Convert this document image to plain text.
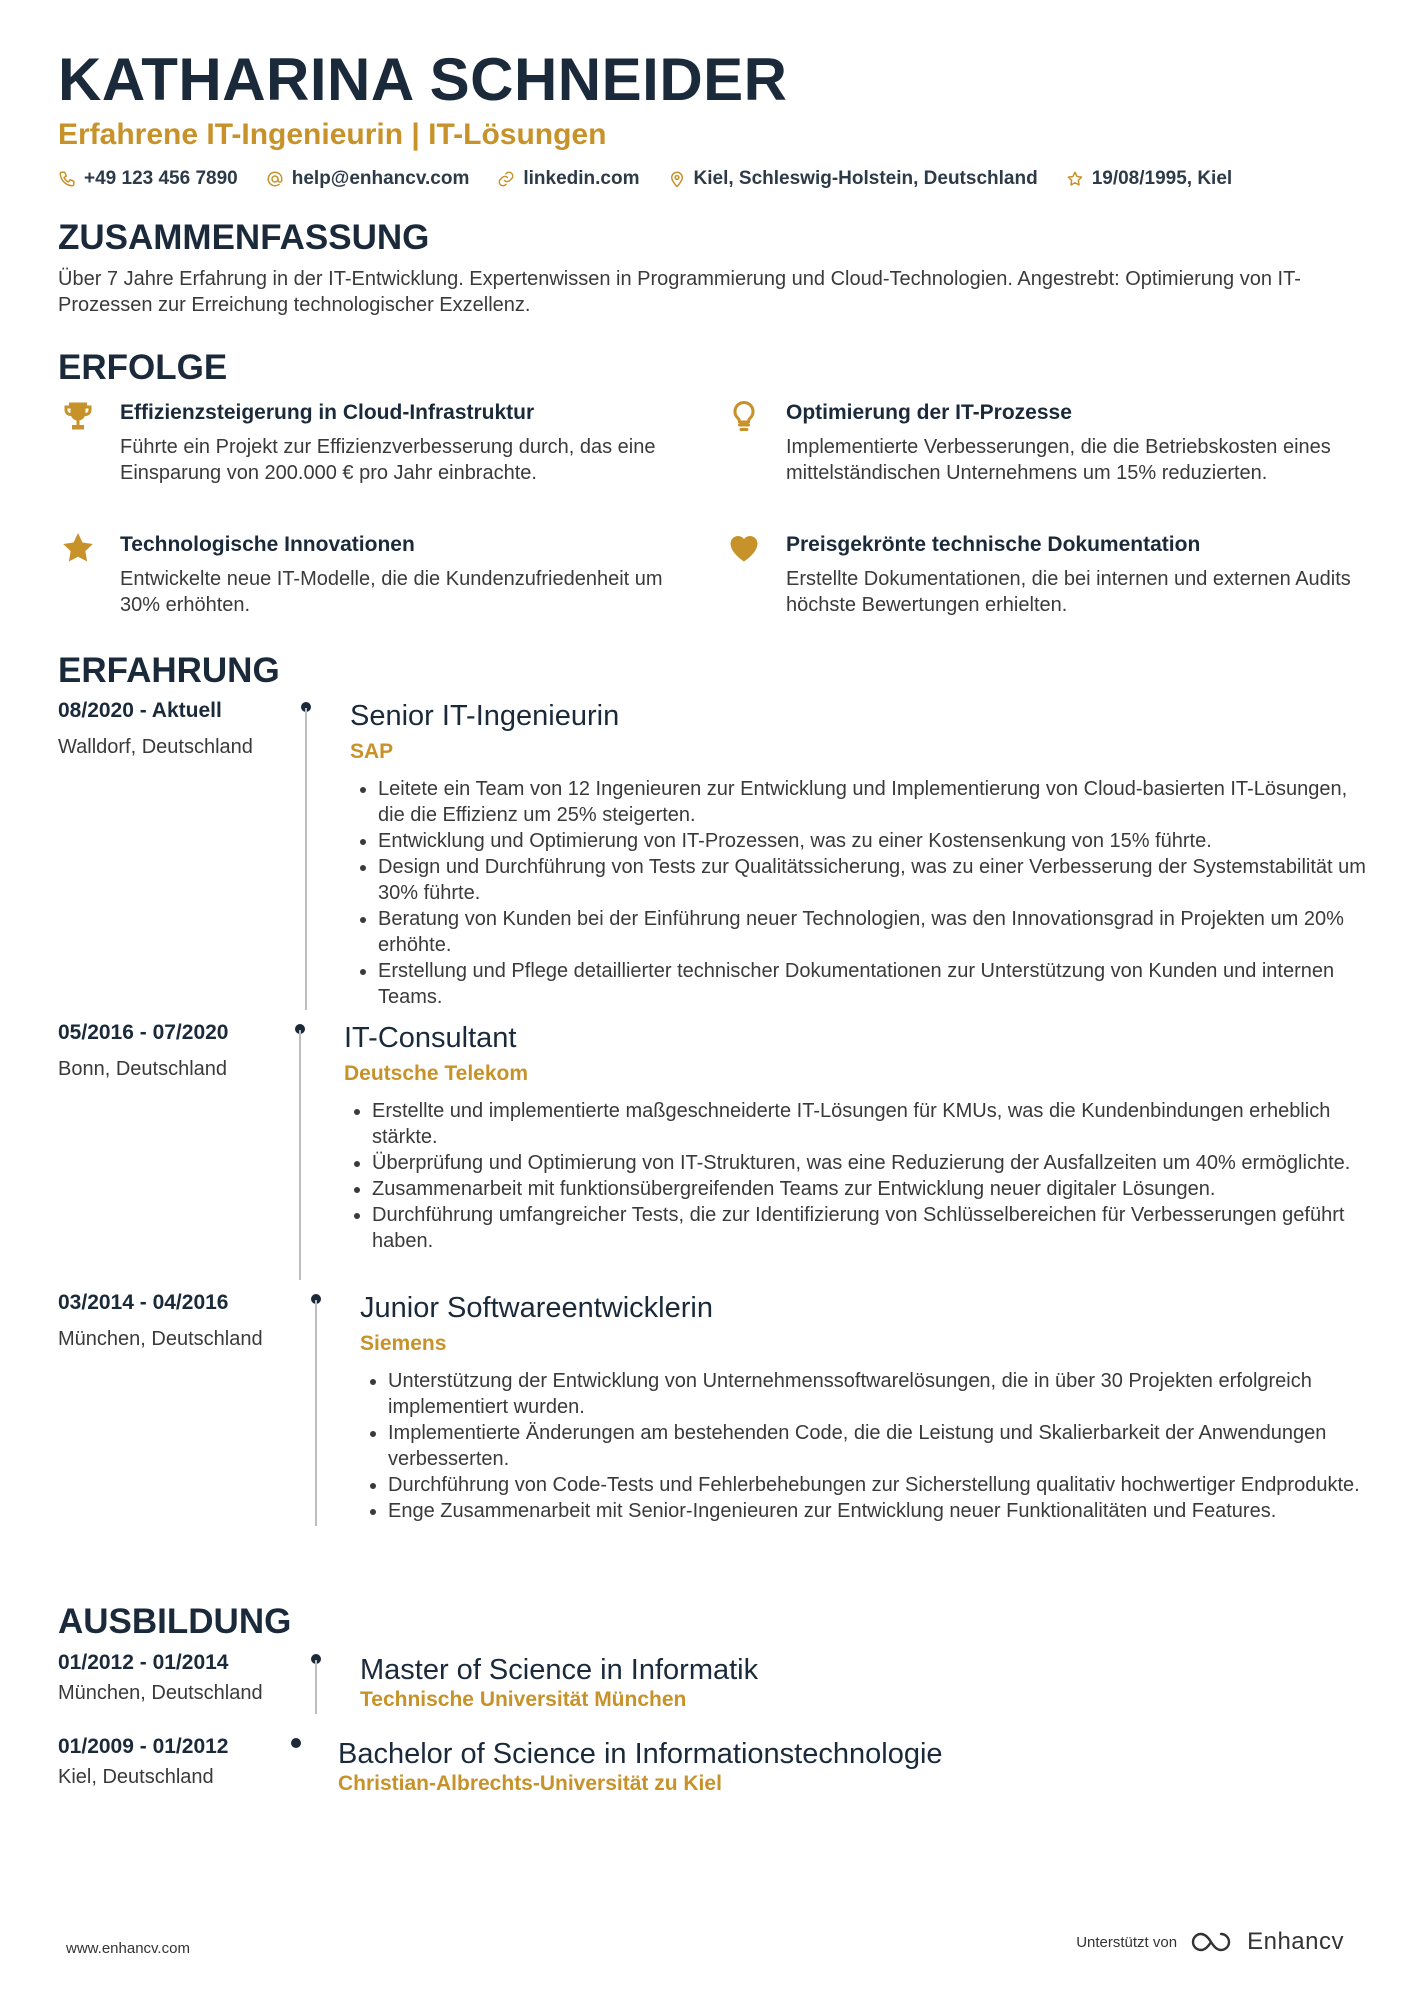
KATHARINA SCHNEIDER
Erfahrene IT-Ingenieurin | IT-Lösungen
+49 123 456 7890	help@enhancv.com	linkedin.com	Kiel, Schleswig-Holstein, Deutschland	19/08/1995, Kiel
ZUSAMMENFASSUNG

Über 7 Jahre Erfahrung in der IT-Entwicklung. Expertenwissen in Programmierung und Cloud-Technologien. Angestrebt: Optimierung von IT-Prozessen zur Erreichung technologischer Exzellenz.

ERFOLGE
Effizienzsteigerung in Cloud-Infrastruktur

Führte ein Projekt zur Effizienzverbesserung durch, das eine Einsparung von 200.000 € pro Jahr einbrachte.

Optimierung der IT-Prozesse

Implementierte Verbesserungen, die die Betriebskosten eines mittelständischen Unternehmens um 15% reduzierten.

Technologische Innovationen

Entwickelte neue IT-Modelle, die die Kundenzufriedenheit um 30% erhöhten.

Preisgekrönte technische Dokumentation

Erstellte Dokumentationen, die bei internen und externen Audits höchste Bewertungen erhielten.

ERFAHRUNG
08/2020 - Aktuell
Walldorf, Deutschland
Senior IT-Ingenieurin
SAP
• Leitete ein Team von 12 Ingenieuren zur Entwicklung und Implementierung von Cloud-basierten IT-Lösungen, die die Effizienz um 25% steigerten.
• Entwicklung und Optimierung von IT-Prozessen, was zu einer Kostensenkung von 15% führte.
• Design und Durchführung von Tests zur Qualitätssicherung, was zu einer Verbesserung der Systemstabilität um 30% führte.
• Beratung von Kunden bei der Einführung neuer Technologien, was den Innovationsgrad in Projekten um 20% erhöhte.
• Erstellung und Pflege detaillierter technischer Dokumentationen zur Unterstützung von Kunden und internen Teams.
05/2016 - 07/2020
Bonn, Deutschland
IT-Consultant
Deutsche Telekom
• Erstellte und implementierte maßgeschneiderte IT-Lösungen für KMUs, was die Kundenbindungen erheblich stärkte.
• Überprüfung und Optimierung von IT-Strukturen, was eine Reduzierung der Ausfallzeiten um 40% ermöglichte.
• Zusammenarbeit mit funktionsübergreifenden Teams zur Entwicklung neuer digitaler Lösungen.
• Durchführung umfangreicher Tests, die zur Identifizierung von Schlüsselbereichen für Verbesserungen geführt haben.
03/2014 - 04/2016
München, Deutschland
Junior Softwareentwicklerin
Siemens
• Unterstützung der Entwicklung von Unternehmenssoftwarelösungen, die in über 30 Projekten erfolgreich implementiert wurden.
• Implementierte Änderungen am bestehenden Code, die die Leistung und Skalierbarkeit der Anwendungen verbesserten.
• Durchführung von Code-Tests und Fehlerbehebungen zur Sicherstellung qualitativ hochwertiger Endprodukte.
• Enge Zusammenarbeit mit Senior-Ingenieuren zur Entwicklung neuer Funktionalitäten und Features.
AUSBILDUNG
01/2012 - 01/2014
München, Deutschland
Master of Science in Informatik
Technische Universität München
01/2009 - 01/2012
Kiel, Deutschland
Bachelor of Science in Informationstechnologie
Christian-Albrechts-Universität zu Kiel
www.enhancv.com	Unterstützt von	Enhancv
